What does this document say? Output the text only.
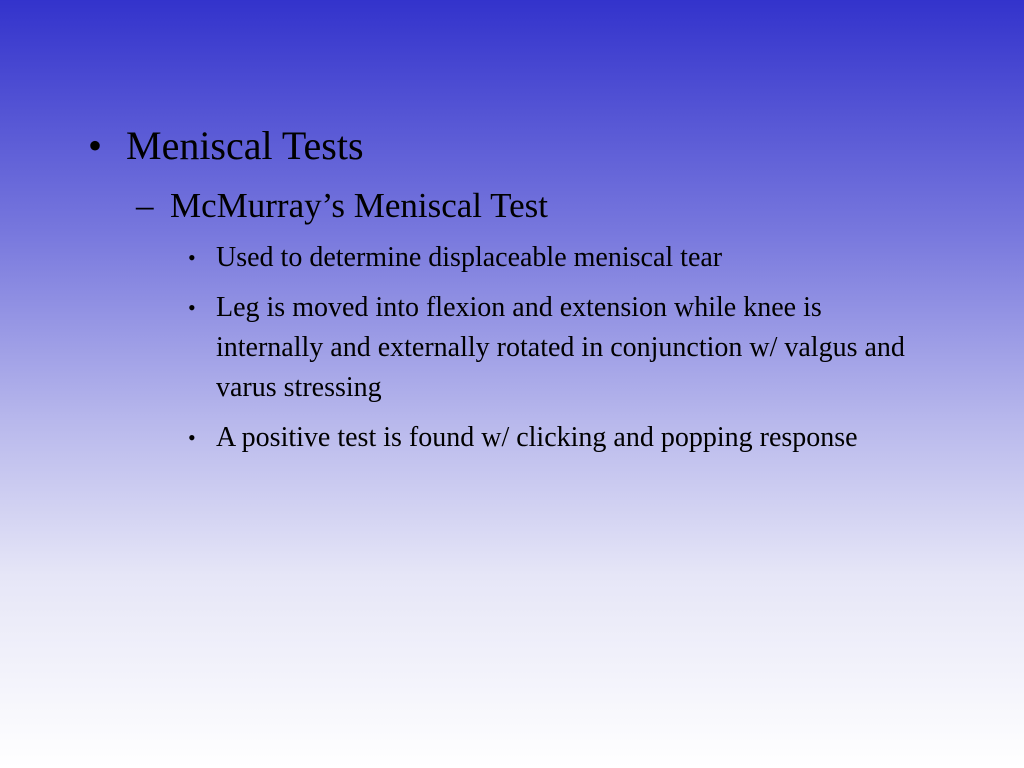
• Meniscal Tests
– McMurray’s Meniscal Test
• Used to determine displaceable meniscal tear
• Leg is moved into flexion and extension while knee is internally and externally rotated in conjunction w/ valgus and varus stressing
• A positive test is found w/ clicking and popping response
